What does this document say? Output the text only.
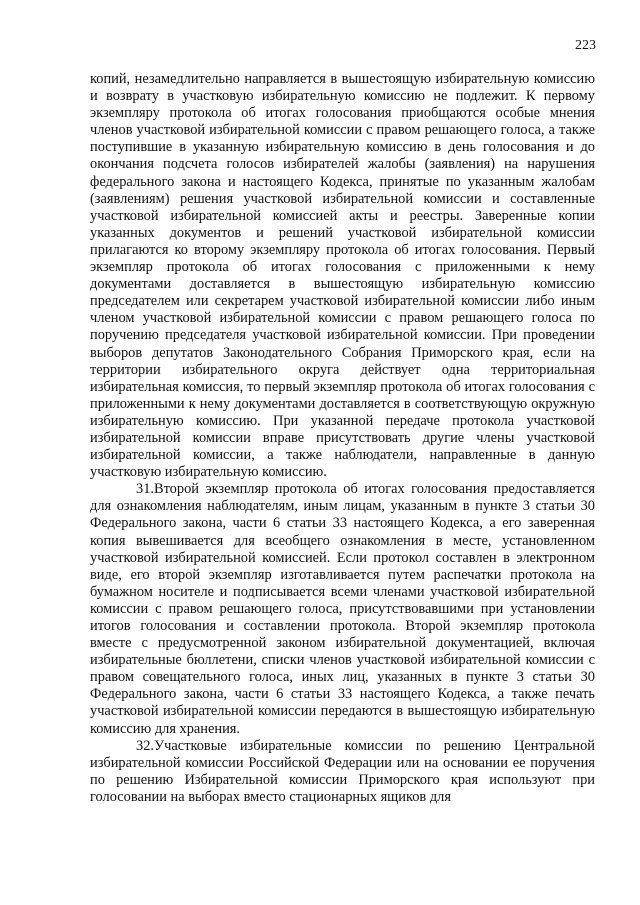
223

копий, незамедлительно направляется в вышестоящую избирательную комиссию и возврату в участковую избирательную комиссию не подлежит. К первому экземпляру протокола об итогах голосования приобщаются особые мнения членов участковой избирательной комиссии с правом решающего голоса, а также поступившие в указанную избирательную комиссию в день голосования и до окончания подсчета голосов избирателей жалобы (заявления) на нарушения федерального закона и настоящего Кодекса, принятые по указанным жалобам (заявлениям) решения участковой избирательной комиссии и составленные участковой избирательной комиссией акты и реестры. Заверенные копии указанных документов и решений участковой избирательной комиссии прилагаются ко второму экземпляру протокола об итогах голосования. Первый экземпляр протокола об итогах голосования с приложенными к нему документами доставляется в вышестоящую избирательную комиссию председателем или секретарем участковой избирательной комиссии либо иным членом участковой избирательной комиссии с правом решающего голоса по поручению председателя участковой избирательной комиссии. При проведении выборов депутатов Законодательного Собрания Приморского края, если на территории избирательного округа действует одна территориальная избирательная комиссия, то первый экземпляр протокола об итогах голосования с приложенными к нему документами доставляется в соответствующую окружную избирательную комиссию. При указанной передаче протокола участковой избирательной комиссии вправе присутствовать другие члены участковой избирательной комиссии, а также наблюдатели, направленные в данную участковую избирательную комиссию.

31.Второй экземпляр протокола об итогах голосования предоставляется для ознакомления наблюдателям, иным лицам, указанным в пункте 3 статьи 30 Федерального закона, части 6 статьи 33 настоящего Кодекса, а его заверенная копия вывешивается для всеобщего ознакомления в месте, установленном участковой избирательной комиссией. Если протокол составлен в электронном виде, его второй экземпляр изготавливается путем распечатки протокола на бумажном носителе и подписывается всеми членами участковой избирательной комиссии с правом решающего голоса, присутствовавшими при установлении итогов голосования и составлении протокола. Второй экземпляр протокола вместе с предусмотренной законом избирательной документацией, включая избирательные бюллетени, списки членов участковой избирательной комиссии с правом совещательного голоса, иных лиц, указанных в пункте 3 статьи 30 Федерального закона, части 6 статьи 33 настоящего Кодекса, а также печать участковой избирательной комиссии передаются в вышестоящую избирательную комиссию для хранения.

32.Участковые избирательные комиссии по решению Центральной избирательной комиссии Российской Федерации или на основании ее поручения по решению Избирательной комиссии Приморского края используют при голосовании на выборах вместо стационарных ящиков для
